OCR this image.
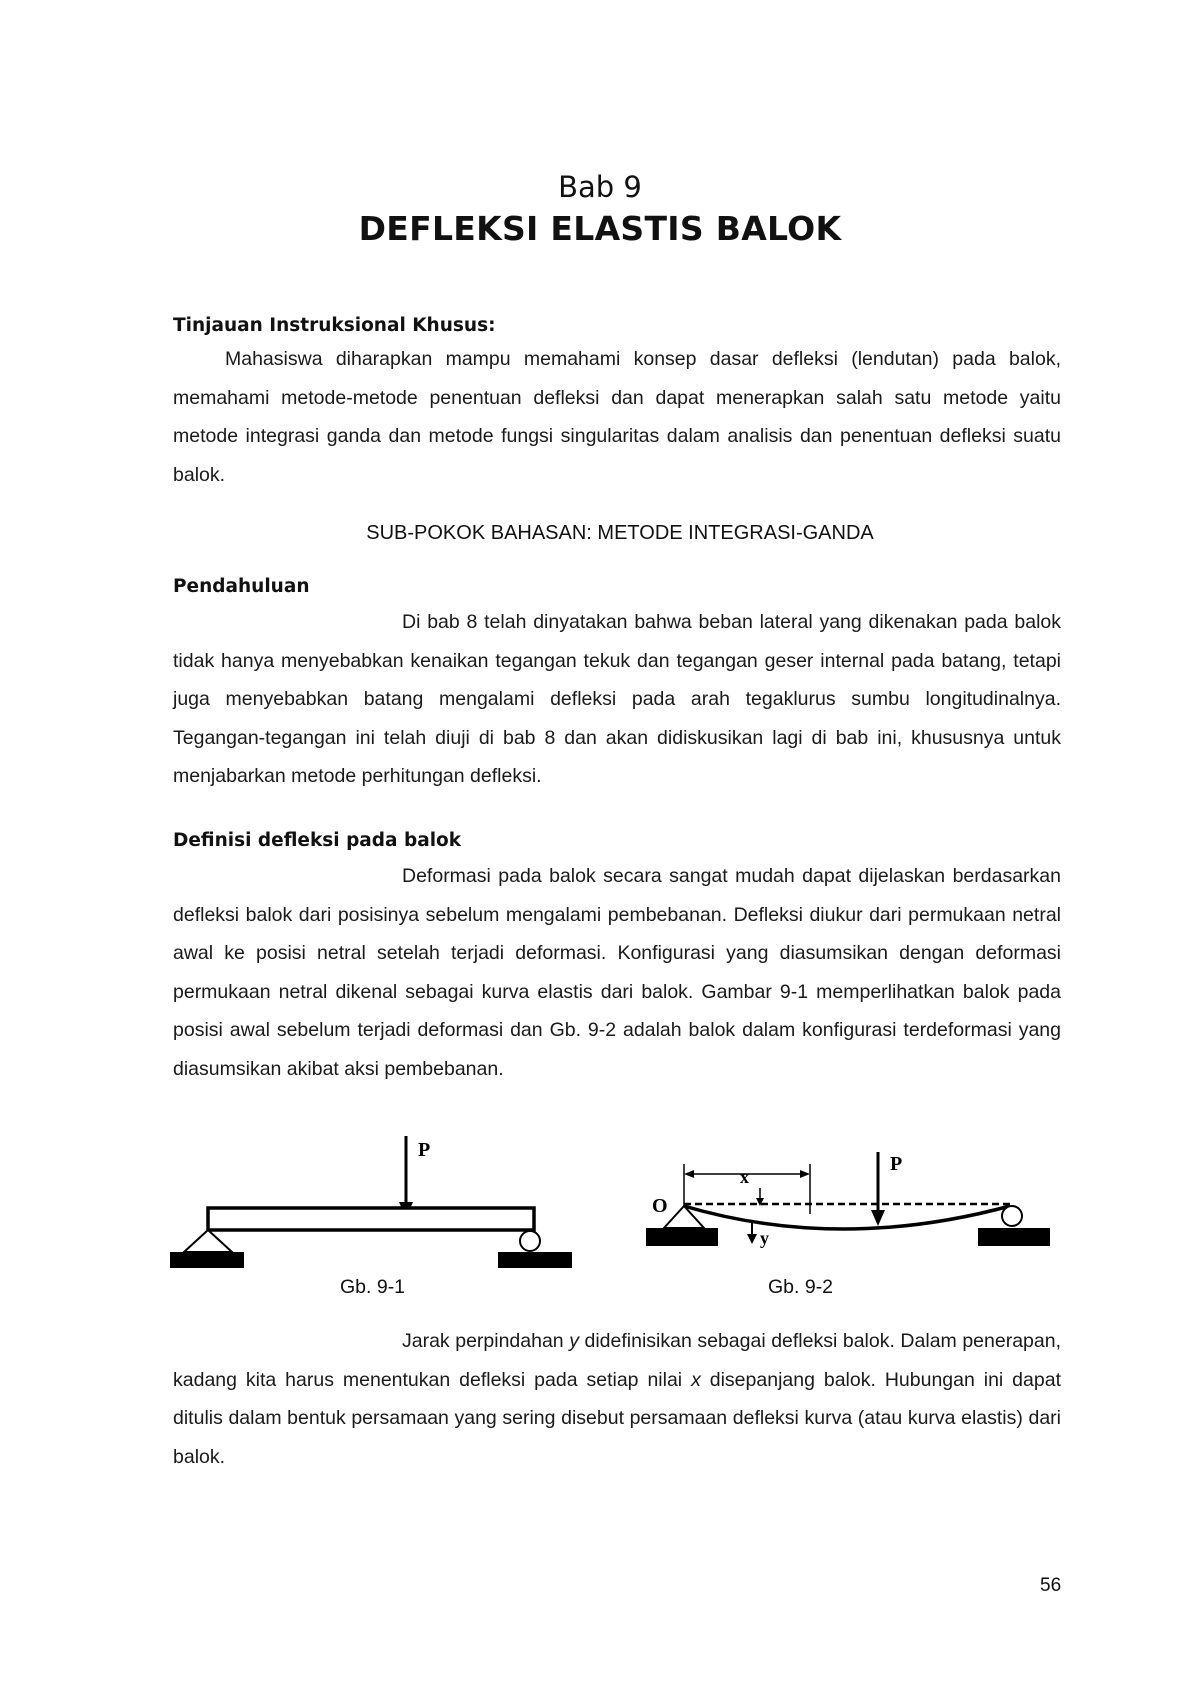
Bab 9
DEFLEKSI ELASTIS BALOK
Tinjauan Instruksional Khusus:

Mahasiswa diharapkan mampu memahami konsep dasar defleksi (lendutan) pada balok, memahami metode-metode penentuan defleksi dan dapat menerapkan salah satu metode yaitu metode integrasi ganda dan metode fungsi singularitas dalam analisis dan penentuan defleksi suatu balok.

SUB-POKOK BAHASAN: METODE INTEGRASI-GANDA
Pendahuluan

Di bab 8 telah dinyatakan bahwa beban lateral yang dikenakan pada balok tidak hanya menyebabkan kenaikan tegangan tekuk dan tegangan geser internal pada batang, tetapi juga menyebabkan batang mengalami defleksi pada arah tegaklurus sumbu longitudinalnya. Tegangan-tegangan ini telah diuji di bab 8 dan akan didiskusikan lagi di bab ini, khususnya untuk menjabarkan metode perhitungan defleksi.

Definisi defleksi pada balok

Deformasi pada balok secara sangat mudah dapat dijelaskan berdasarkan defleksi balok dari posisinya sebelum mengalami pembebanan. Defleksi diukur dari permukaan netral awal ke posisi netral setelah terjadi deformasi. Konfigurasi yang diasumsikan dengan deformasi permukaan netral dikenal sebagai kurva elastis dari balok. Gambar 9-1 memperlihatkan balok pada posisi awal sebelum terjadi deformasi dan Gb. 9-2 adalah balok dalam konfigurasi terdeformasi yang diasumsikan akibat aksi pembebanan.

P
Gb. 9-1
x
P
y
O
Gb. 9-2

Jarak perpindahan y didefinisikan sebagai defleksi balok. Dalam penerapan, kadang kita harus menentukan defleksi pada setiap nilai x disepanjang balok. Hubungan ini dapat ditulis dalam bentuk persamaan yang sering disebut persamaan defleksi kurva (atau kurva elastis) dari balok.

56
